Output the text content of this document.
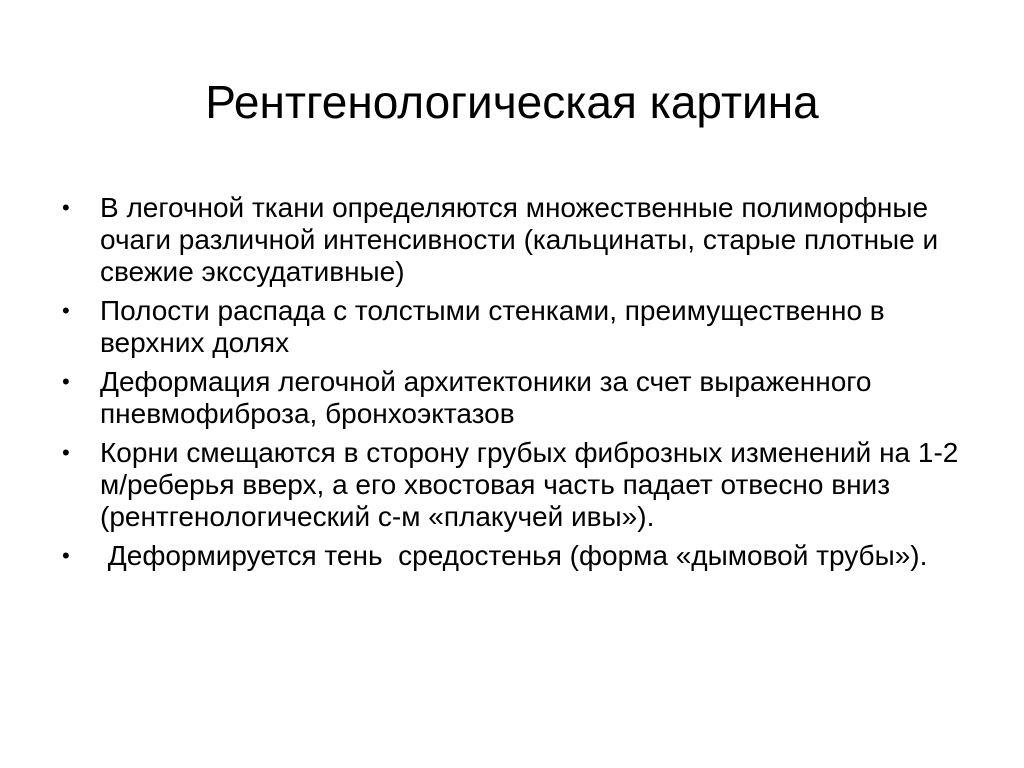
Рентгенологическая картина
• В легочной ткани определяются множественные полиморфные очаги различной интенсивности (кальцинаты, старые плотные и свежие экссудативные)
• Полости распада с толстыми стенками, преимущественно в верхних долях
• Деформация легочной архитектоники за счет выраженного пневмофиброза, бронхоэктазов
• Корни смещаются в сторону грубых фиброзных изменений на 1-2 м/реберья вверх, а его хвостовая часть падает отвесно вниз (рентгенологический с-м «плакучей ивы»).
• Деформируется тень  средостенья (форма «дымовой трубы»).
